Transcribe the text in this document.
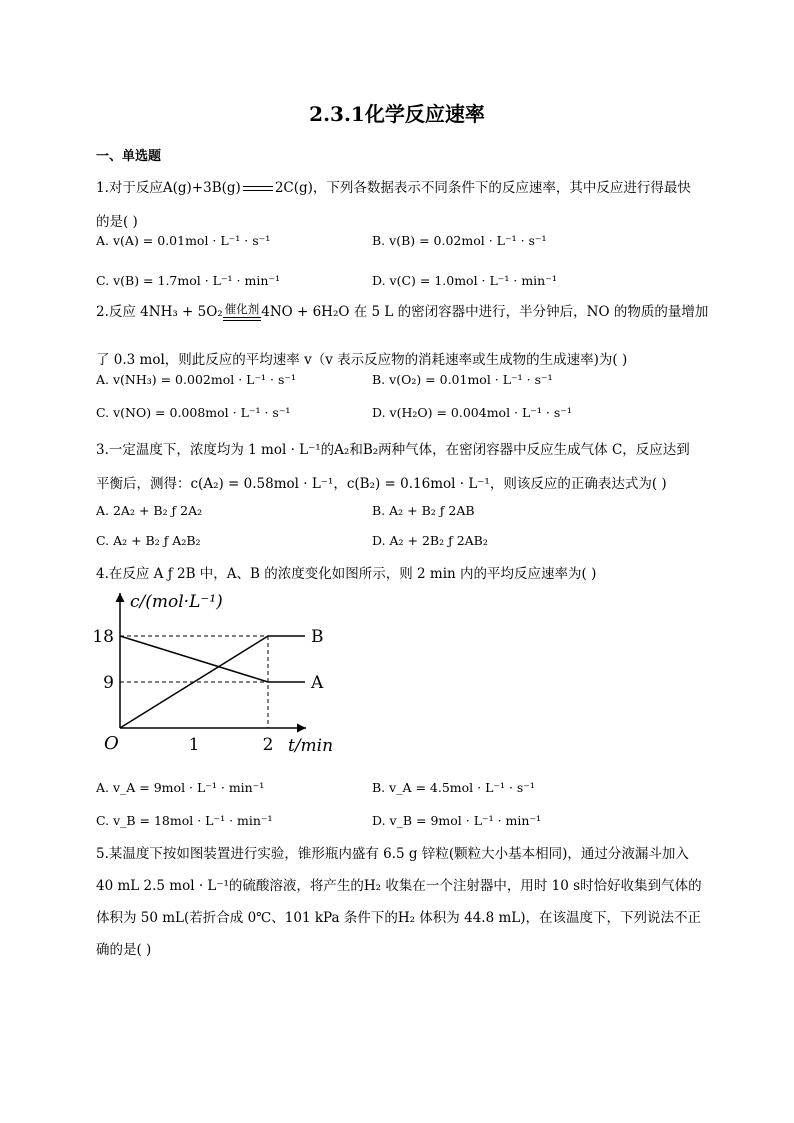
2.3.1化学反应速率
一、单选题
1.对于反应A(g)+3B(g)	2C(g)，下列各数据表示不同条件下的反应速率，其中反应进行得最快
的是( )
A. v(A) = 0.01mol · L⁻¹ · s⁻¹	B. v(B) = 0.02mol · L⁻¹ · s⁻¹
C. v(B) = 1.7mol · L⁻¹ · min⁻¹	D. v(C) = 1.0mol · L⁻¹ · min⁻¹
2.反应 4NH₃ + 5O₂ 催化剂 4NO + 6H₂O 在 5 L 的密闭容器中进行，半分钟后，NO 的物质的量增加
了 0.3 mol，则此反应的平均速率 v（v 表示反应物的消耗速率或生成物的生成速率)为( )
A. v(NH₃) = 0.002mol · L⁻¹ · s⁻¹	B. v(O₂) = 0.01mol · L⁻¹ · s⁻¹
C. v(NO) = 0.008mol · L⁻¹ · s⁻¹	D. v(H₂O) = 0.004mol · L⁻¹ · s⁻¹
3.一定温度下，浓度均为 1 mol · L⁻¹的A₂和B₂两种气体，在密闭容器中反应生成气体 C，反应达到
平衡后，测得：c(A₂) = 0.58mol · L⁻¹，c(B₂) = 0.16mol · L⁻¹，则该反应的正确表达式为( )
A. 2A₂ + B₂ ƒ 2A₂	B. A₂ + B₂ ƒ 2AB
C. A₂ + B₂ ƒ A₂B₂	D. A₂ + 2B₂ ƒ 2AB₂
4.在反应 A ƒ 2B 中，A、B 的浓度变化如图所示，则 2 min 内的平均反应速率为( )
c/(mol·L⁻¹)
t/min
O
9
18
1	2
B
A
A. v_A = 9mol · L⁻¹ · min⁻¹	B. v_A = 4.5mol · L⁻¹ · s⁻¹
C. v_B = 18mol · L⁻¹ · min⁻¹	D. v_B = 9mol · L⁻¹ · min⁻¹
5.某温度下按如图装置进行实验，锥形瓶内盛有 6.5 g 锌粒(颗粒大小基本相同)，通过分液漏斗加入
40 mL 2.5 mol · L⁻¹的硫酸溶液，将产生的H₂ 收集在一个注射器中，用时 10 s时恰好收集到气体的
体积为 50 mL(若折合成 0℃、101 kPa 条件下的H₂ 体积为 44.8 mL)，在该温度下，下列说法不正
确的是( )
